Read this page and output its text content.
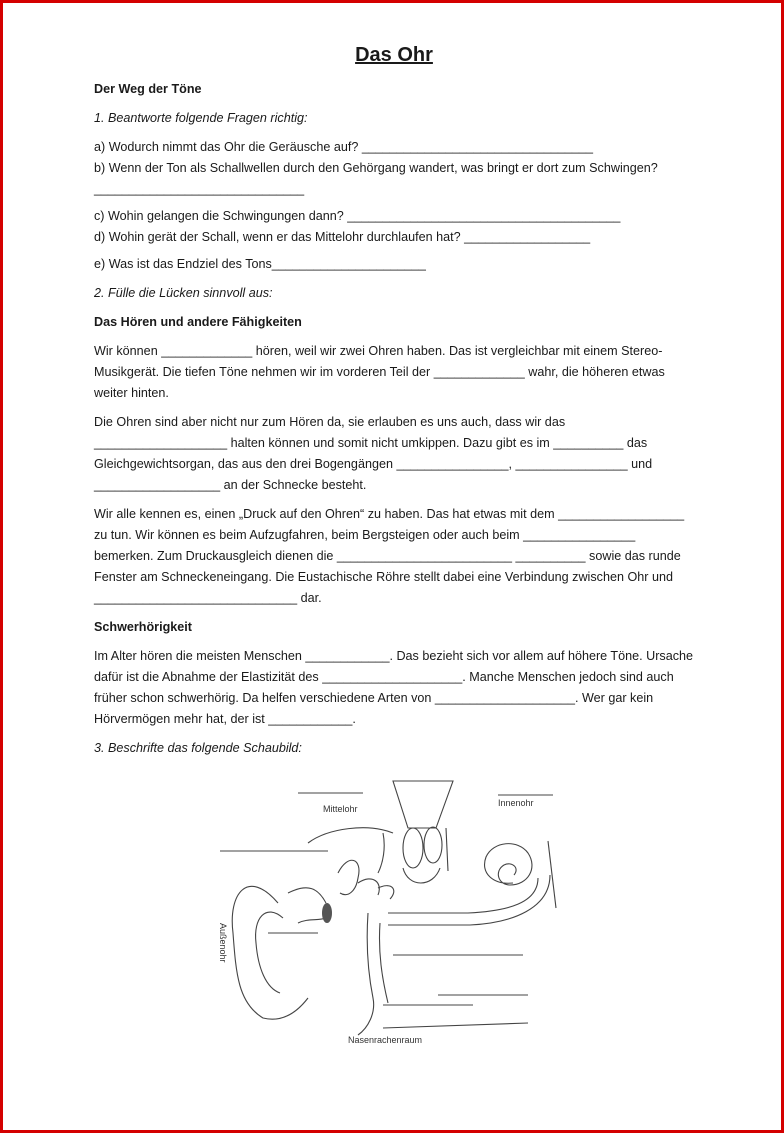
Das Ohr

Der Weg der Töne

1. Beantworte folgende Fragen richtig:

a) Wodurch nimmt das Ohr die Geräusche auf? _________________________________

b) Wenn der Ton als Schallwellen durch den Gehörgang wandert, was bringt er dort zum Schwingen?

______________________________

c) Wohin gelangen die Schwingungen dann? _______________________________________

d) Wohin gerät der Schall, wenn er das Mittelohr durchlaufen hat? __________________

e) Was ist das Endziel des Tons______________________

2. Fülle die Lücken sinnvoll aus:

Das Hören und andere Fähigkeiten

Wir können _____________ hören, weil wir zwei Ohren haben. Das ist vergleichbar mit einem Stereo-Musikgerät. Die tiefen Töne nehmen wir im vorderen Teil der _____________ wahr, die höheren etwas weiter hinten.

Die Ohren sind aber nicht nur zum Hören da, sie erlauben es uns auch, dass wir das ___________________ halten können und somit nicht umkippen. Dazu gibt es im __________ das Gleichgewichtsorgan, das aus den drei Bogengängen ________________, ________________ und __________________ an der Schnecke besteht.

Wir alle kennen es, einen „Druck auf den Ohren“ zu haben. Das hat etwas mit dem __________________ zu tun. Wir können es beim Aufzugfahren, beim Bergsteigen oder auch beim ________________ bemerken. Zum Druckausgleich dienen die _________________________ __________ sowie das runde Fenster am Schneckeneingang. Die Eustachische Röhre stellt dabei eine Verbindung zwischen Ohr und _____________________________ dar.

Schwerhörigkeit

Im Alter hören die meisten Menschen ____________. Das bezieht sich vor allem auf höhere Töne. Ursache dafür ist die Abnahme der Elastizität des ____________________. Manche Menschen jedoch sind auch früher schon schwerhörig. Da helfen verschiedene Arten von ____________________. Wer gar kein Hörvermögen mehr hat, der ist ____________.

3. Beschrifte das folgende Schaubild:

Mittelohr
Innenohr
Außenohr
Nasenrachenraum
